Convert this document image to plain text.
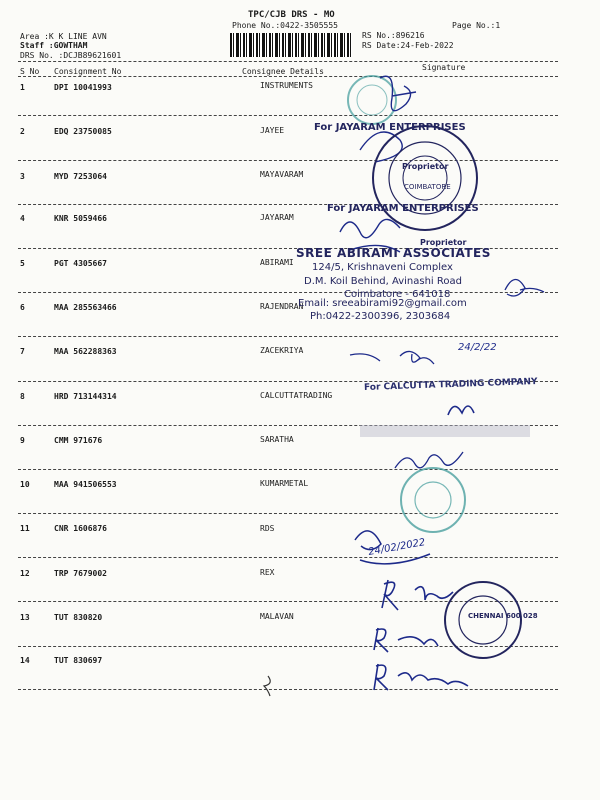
TPC/CJB DRS - MO
Phone No.:0422-3505555	Page No.:1
Area :K K LINE AVN
Staff :GOWTHAM
DRS No. :DCJB89621601
RS No.:896216
RS Date:24-Feb-2022
S No Consignment No	Consignee Details	Signature
1	DPI 10041993	INSTRUMENTS
2	EDQ 23750085	JAYEE
3	MYD 7253064	MAYAVARAM
4	KNR 5059466	JAYARAM
5	PGT 4305667	ABIRAMI
6	MAA 285563466	RAJENDRAN
7	MAA 562288363	ZACEKRIYA
8	HRD 713144314	CALCUTTATRADING
9	CMM 971676	SARATHA
10	MAA 941506553	KUMARMETAL
11	CNR 1606876	RDS
12	TRP 7679002	REX
13	TUT 830820	MALAVAN
14	TUT 830697
For JAYARAM ENTERPRISES
Proprietor
COIMBATORE
For JAYARAM ENTERPRISES
Proprietor
SREE ABIRAMI ASSOCIATES
124/5, Krishnaveni Complex
D.M. Koil Behind, Avinashi Road
Coimbatore - 641018
Email: sreeabirami92@gmail.com
Ph:0422-2300396, 2303684
For CALCUTTA TRADING COMPANY
CHENNAI 600 028
24/2/22
24/02/2022
